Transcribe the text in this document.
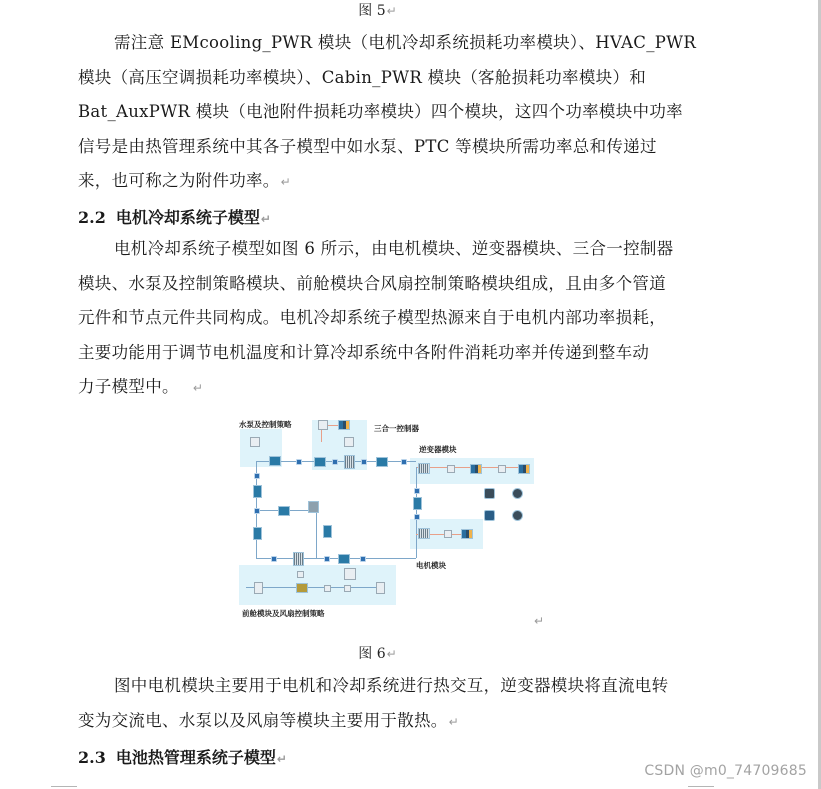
图 5↵
需注意 EMcooling_PWR 模块（电机冷却系统损耗功率模块）、HVAC_PWR
模块（高压空调损耗功率模块）、Cabin_PWR 模块（客舱损耗功率模块）和
Bat_AuxPWR 模块（电池附件损耗功率模块）四个模块，这四个功率模块中功率
信号是由热管理系统中其各子模型中如水泵、PTC 等模块所需功率总和传递过
来，也可称之为附件功率。↵
2.2 电机冷却系统子模型↵
电机冷却系统子模型如图 6 所示，由电机模块、逆变器模块、三合一控制器
模块、水泵及控制策略模块、前舱模块合风扇控制策略模块组成，且由多个管道
元件和节点元件共同构成。电机冷却系统子模型热源来自于电机内部功率损耗，
主要功能用于调节电机温度和计算冷却系统中各附件消耗功率并传递到整车动
力子模型中。 ↵
水泵及控制策略	三合一控制器
逆变器模块
电机模块
前舱模块及风扇控制策略
↵
图 6↵
图中电机模块主要用于电机和冷却系统进行热交互，逆变器模块将直流电转
变为交流电、水泵以及风扇等模块主要用于散热。↵
2.3 电池热管理系统子模型↵
CSDN @m0_74709685
